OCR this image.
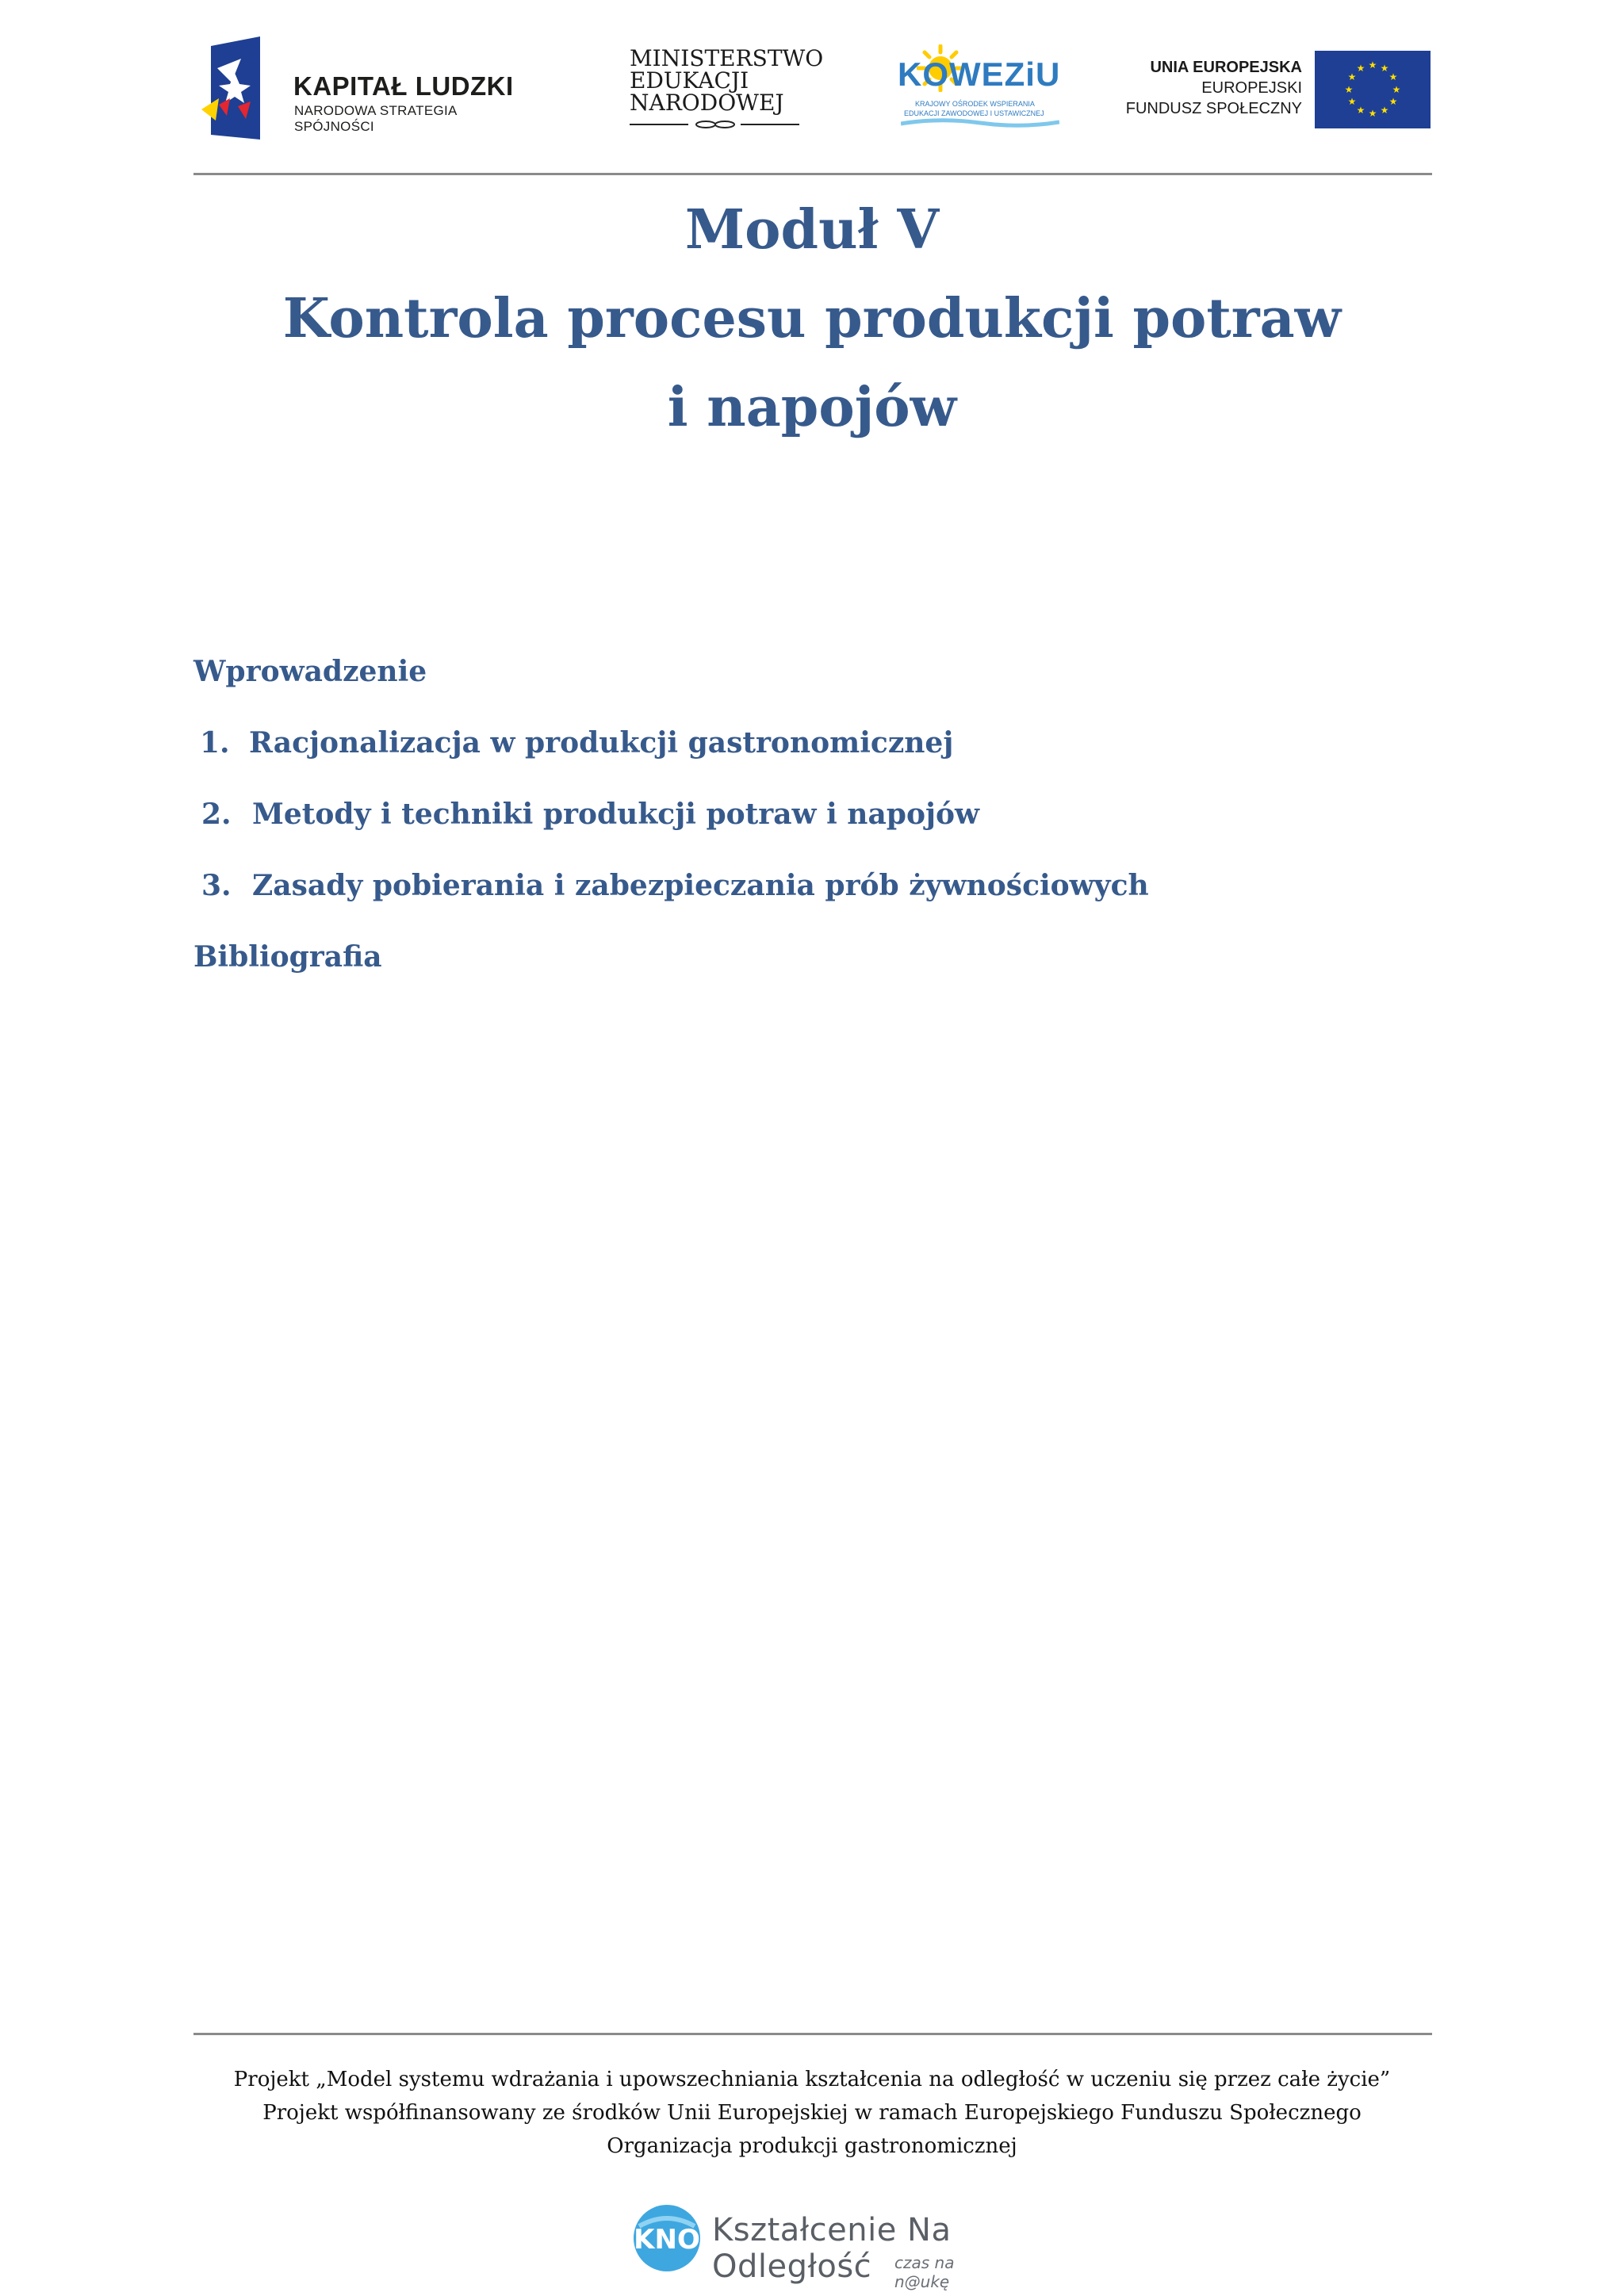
KAPITAŁ LUDZKI
NARODOWA STRATEGIA SPÓJNOŚCI
MINISTERSTWO
EDUKACJI
NARODOWEJ
KOWEZiU
KRAJOWY OŚRODEK WSPIERANIA
EDUKACJI ZAWODOWEJ I USTAWICZNEJ
UNIA EUROPEJSKA
EUROPEJSKI
FUNDUSZ SPOŁECZNY
★ ★
★
★
★
★
★
★
★
★
★
★
Moduł V
Kontrola procesu produkcji potraw
i napojów
Wprowadzenie
1. Racjonalizacja w produkcji gastronomicznej
2. Metody i techniki produkcji potraw i napojów
3. Zasady pobierania i zabezpieczania prób żywnościowych
Bibliografia
Projekt „Model systemu wdrażania i upowszechniania kształcenia na odległość w uczeniu się przez całe życie”
Projekt współfinansowany ze środków Unii Europejskiej w ramach Europejskiego Funduszu Społecznego
Organizacja produkcji gastronomicznej
KNO Kształcenie Na Odległość	czas na n@ukę
